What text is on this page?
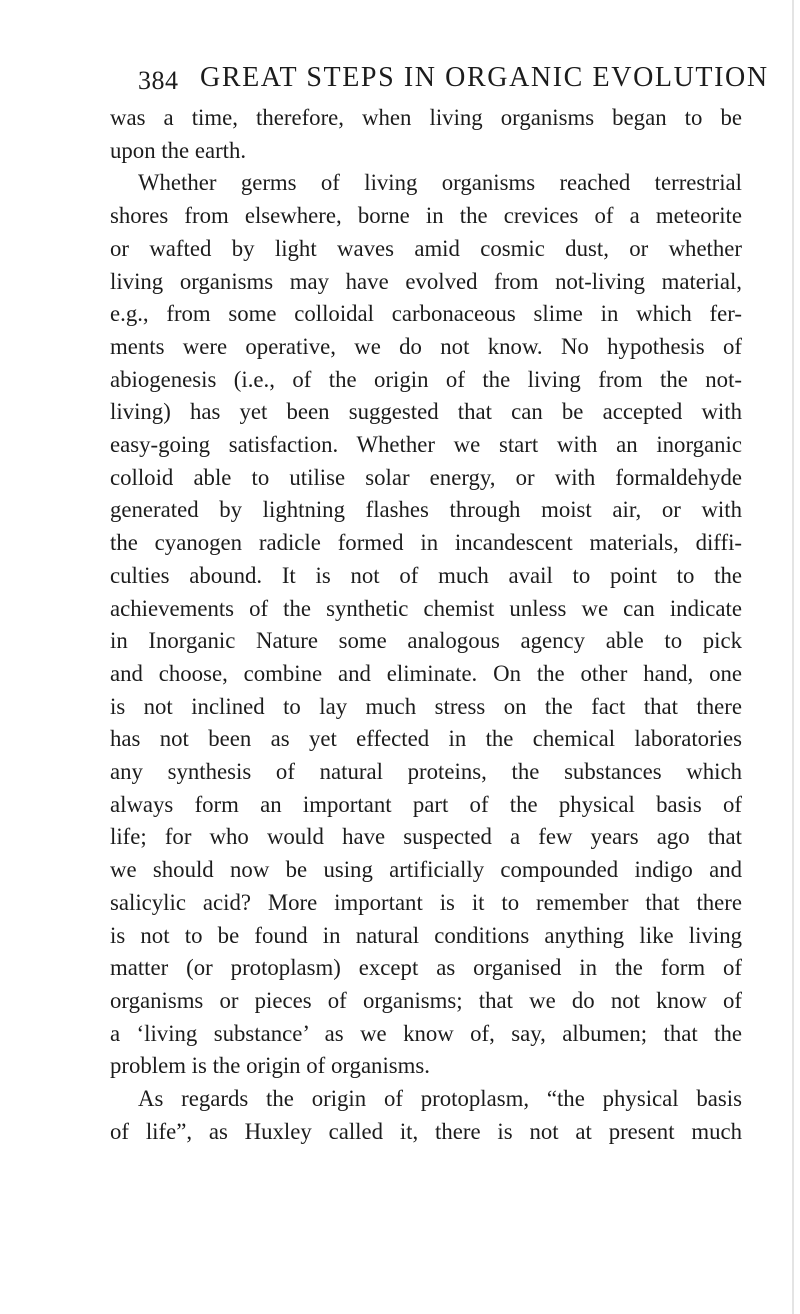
384 GREAT STEPS IN ORGANIC EVOLUTION

was a time, therefore, when living organisms began to be
upon the earth.

Whether germs of living organisms reached terrestrial
shores from elsewhere, borne in the crevices of a meteorite
or wafted by light waves amid cosmic dust, or whether
living organisms may have evolved from not-living material,
e.g., from some colloidal carbonaceous slime in which fer-
ments were operative, we do not know. No hypothesis of
abiogenesis (i.e., of the origin of the living from the not-
living) has yet been suggested that can be accepted with
easy-going satisfaction. Whether we start with an inorganic
colloid able to utilise solar energy, or with formaldehyde
generated by lightning flashes through moist air, or with
the cyanogen radicle formed in incandescent materials, diffi-
culties abound. It is not of much avail to point to the
achievements of the synthetic chemist unless we can indicate
in Inorganic Nature some analogous agency able to pick
and choose, combine and eliminate. On the other hand, one
is not inclined to lay much stress on the fact that there
has not been as yet effected in the chemical laboratories
any synthesis of natural proteins, the substances which
always form an important part of the physical basis of
life; for who would have suspected a few years ago that
we should now be using artificially compounded indigo and
salicylic acid? More important is it to remember that there
is not to be found in natural conditions anything like living
matter (or protoplasm) except as organised in the form of
organisms or pieces of organisms; that we do not know of
a ‘living substance’ as we know of, say, albumen; that the
problem is the origin of organisms.

As regards the origin of protoplasm, “the physical basis
of life”, as Huxley called it, there is not at present much
